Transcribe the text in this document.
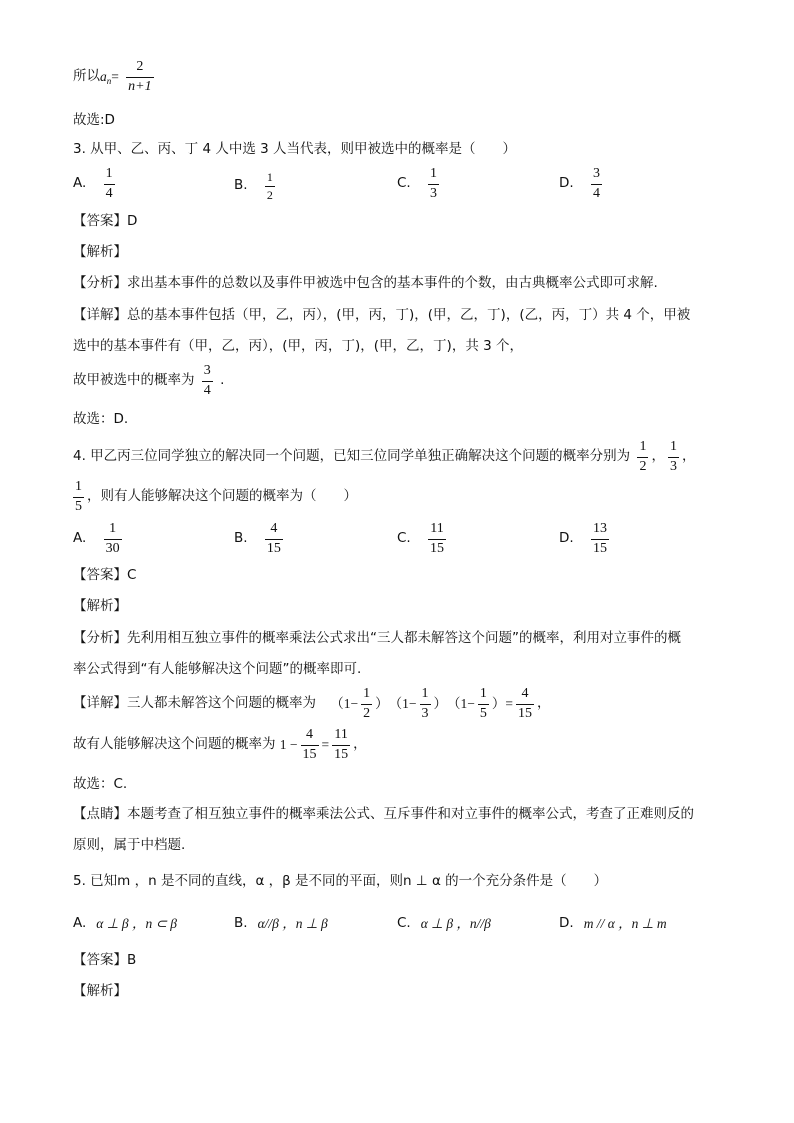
所以$a_n= \frac{2}{n+1}$
故选:D
3. 从甲、乙、丙、丁 4 人中选 3 人当代表，则甲被选中的概率是（　　）
A. $\frac{1}{4}$	B. $\frac{1}{2}$	C. $\frac{1}{3}$	D. $\frac{3}{4}$
【答案】D
【解析】
【分析】求出基本事件的总数以及事件甲被选中包含的基本事件的个数，由古典概率公式即可求解.
【详解】总的基本事件包括（甲，乙，丙），(甲，丙，丁)，(甲，乙，丁)，(乙，丙，丁）共 4 个，甲被
选中的基本事件有（甲，乙，丙），(甲，丙，丁)，(甲，乙，丁)，共 3 个，
故甲被选中的概率为 $\frac{3}{4}$ .
故选：D.
4. 甲乙丙三位同学独立的解决同一个问题，已知三位同学单独正确解决这个问题的概率分别为 $\frac{1}{2}$ ， $\frac{1}{3}$ ，
$\frac{1}{5}$ ，则有人能够解决这个问题的概率为（　　）
A. $\frac{1}{30}$	B. $\frac{4}{15}$	C. $\frac{11}{15}$	D. $\frac{13}{15}$
【答案】C
【解析】
【分析】先利用相互独立事件的概率乘法公式求出“三人都未解答这个问题”的概率，利用对立事件的概
率公式得到“有人能够解决这个问题”的概率即可.
【详解】三人都未解答这个问题的概率为 $(1- \frac{1}{2} )(1- \frac{1}{3} )(1- \frac{1}{5}$ ）= $\frac{4}{15}$ ，
故有人能够解决这个问题的概率为 $1 - \frac{4}{15} = \frac{11}{15}$ ，
故选：C.
【点睛】本题考查了相互独立事件的概率乘法公式、互斥事件和对立事件的概率公式，考查了正难则反的
原则，属于中档题.
5. 已知m ，n 是不同的直线，α ，β 是不同的平面，则n ⊥ α 的一个充分条件是（　　）
A. α ⊥ β ，n ⊂ β	B. α//β ，n ⊥ β	C. α ⊥ β ，n//β	D. m // α ，n ⊥ m
【答案】B
【解析】
